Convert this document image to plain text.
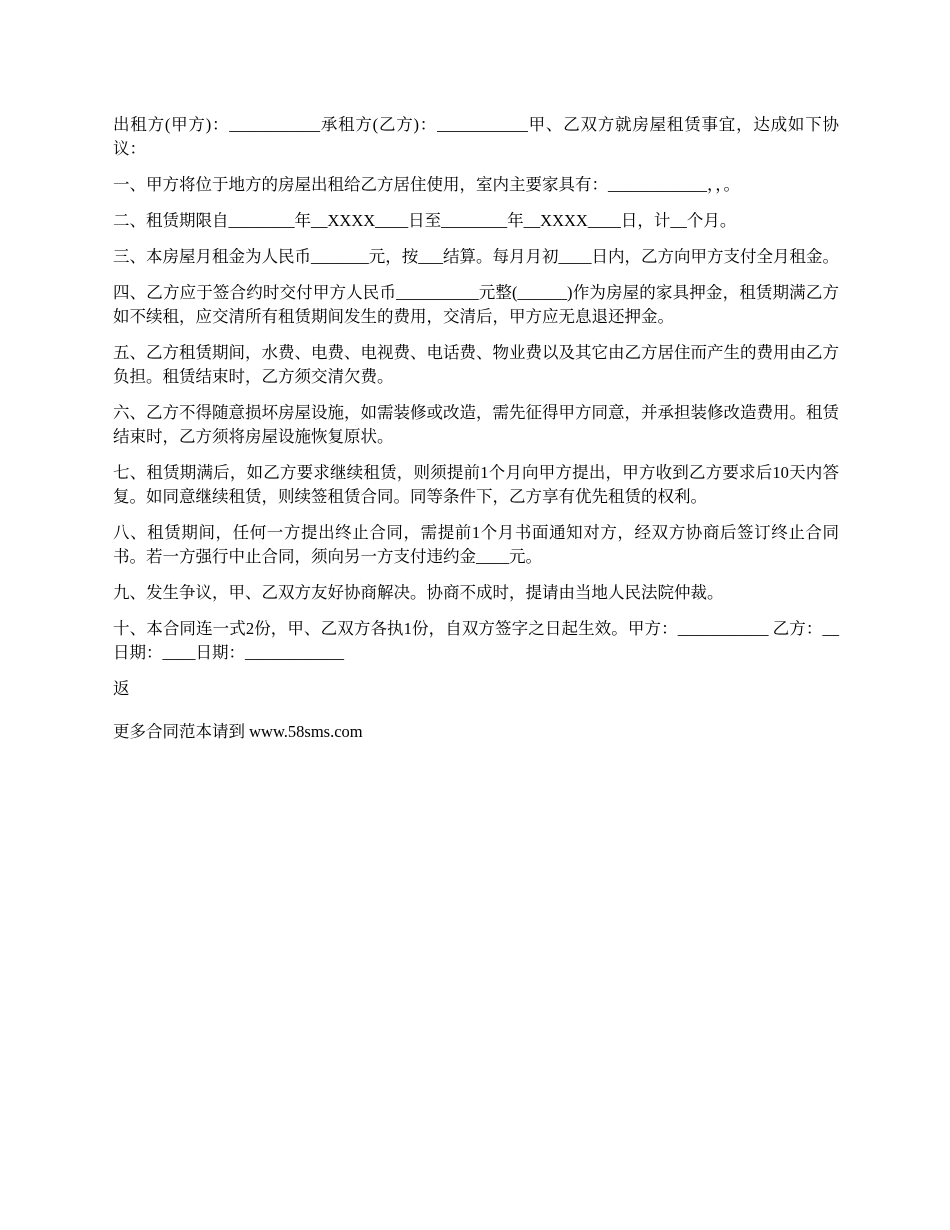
出租方(甲方)：___________承租方(乙方)：___________甲、乙双方就房屋租赁事宜，达成如下协议：

一、甲方将位于地方的房屋出租给乙方居住使用，室内主要家具有：____________，，。

二、租赁期限自________年__XXXX____日至________年__XXXX____日，计__个月。

三、本房屋月租金为人民币_______元，按___结算。每月月初____日内，乙方向甲方支付全月租金。

四、乙方应于签合约时交付甲方人民币__________元整(______)作为房屋的家具押金，租赁期满乙方如不续租，应交清所有租赁期间发生的费用，交清后，甲方应无息退还押金。

五、乙方租赁期间，水费、电费、电视费、电话费、物业费以及其它由乙方居住而产生的费用由乙方负担。租赁结束时，乙方须交清欠费。

六、乙方不得随意损坏房屋设施，如需装修或改造，需先征得甲方同意，并承担装修改造费用。租赁结束时，乙方须将房屋设施恢复原状。

七、租赁期满后，如乙方要求继续租赁，则须提前1个月向甲方提出，甲方收到乙方要求后10天内答复。如同意继续租赁，则续签租赁合同。同等条件下，乙方享有优先租赁的权利。

八、租赁期间，任何一方提出终止合同，需提前1个月书面通知对方，经双方协商后签订终止合同书。若一方强行中止合同，须向另一方支付违约金____元。

九、发生争议，甲、乙双方友好协商解决。协商不成时，提请由当地人民法院仲裁。

十、本合同连一式2份，甲、乙双方各执1份，自双方签字之日起生效。甲方：___________ 乙方：__日期：____日期：____________

返

更多合同范本请到 www.58sms.com
